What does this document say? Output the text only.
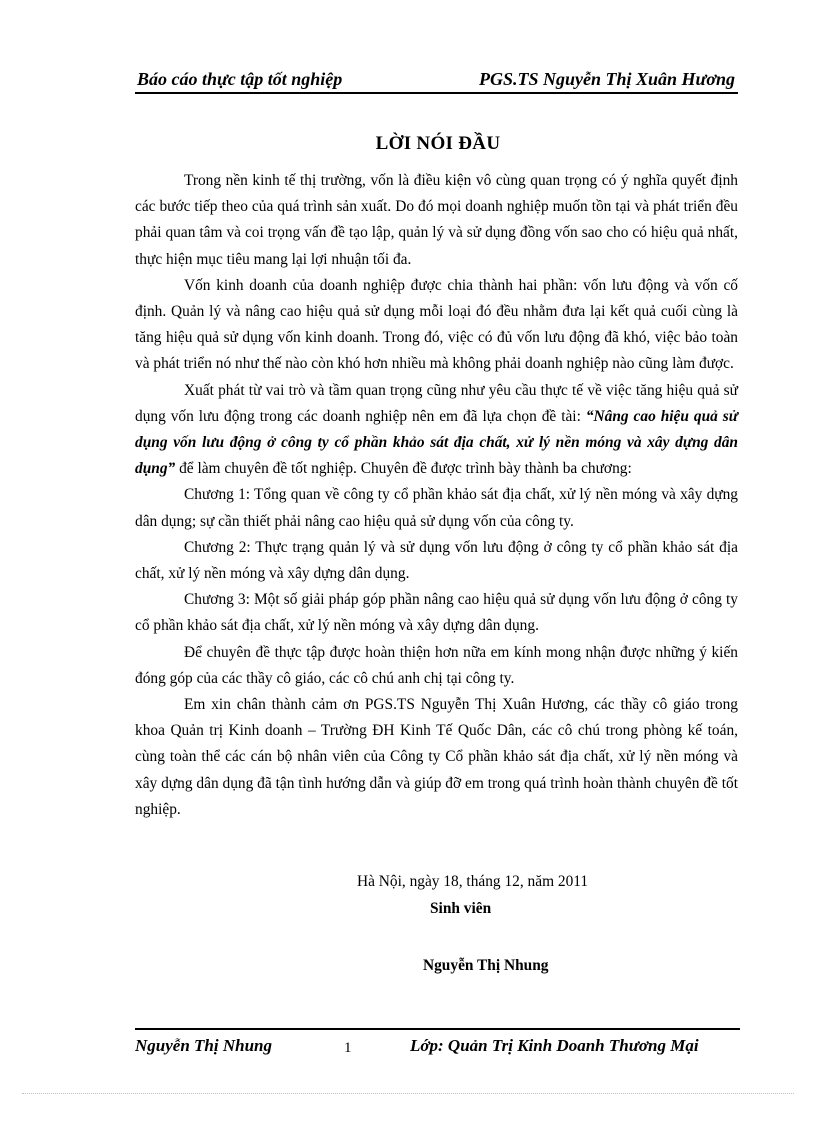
Báo cáo thực tập tốt nghiệp	PGS.TS Nguyễn Thị Xuân Hương
LỜI NÓI ĐẦU

Trong nền kinh tế thị trường, vốn là điều kiện vô cùng quan trọng có ý nghĩa quyết định các bước tiếp theo của quá trình sản xuất. Do đó mọi doanh nghiệp muốn tồn tại và phát triển đều phải quan tâm và coi trọng vấn đề tạo lập, quản lý và sử dụng đồng vốn sao cho có hiệu quả nhất, thực hiện mục tiêu mang lại lợi nhuận tối đa.

Vốn kinh doanh của doanh nghiệp được chia thành hai phần: vốn lưu động và vốn cố định. Quản lý và nâng cao hiệu quả sử dụng mỗi loại đó đều nhằm đưa lại kết quả cuối cùng là tăng hiệu quả sử dụng vốn kinh doanh. Trong đó, việc có đủ vốn lưu động đã khó, việc bảo toàn và phát triển nó như thế nào còn khó hơn nhiều mà không phải doanh nghiệp nào cũng làm được.

Xuất phát từ vai trò và tầm quan trọng cũng như yêu cầu thực tế về việc tăng hiệu quả sử dụng vốn lưu động trong các doanh nghiệp nên em đã lựa chọn đề tài: “Nâng cao hiệu quả sử dụng vốn lưu động ở công ty cổ phần khảo sát địa chất, xử lý nền móng và xây dựng dân dụng” để làm chuyên đề tốt nghiệp. Chuyên đề được trình bày thành ba chương:

Chương 1: Tổng quan về công ty cổ phần khảo sát địa chất, xử lý nền móng và xây dựng dân dụng; sự cần thiết phải nâng cao hiệu quả sử dụng vốn của công ty.

Chương 2: Thực trạng quản lý và sử dụng vốn lưu động ở công ty cổ phần khảo sát địa chất, xử lý nền móng và xây dựng dân dụng.

Chương 3: Một số giải pháp góp phần nâng cao hiệu quả sử dụng vốn lưu động ở công ty cổ phần khảo sát địa chất, xử lý nền móng và xây dựng dân dụng.

Để chuyên đề thực tập được hoàn thiện hơn nữa em kính mong nhận được những ý kiến đóng góp của các thầy cô giáo, các cô chú anh chị tại công ty.

Em xin chân thành cảm ơn PGS.TS Nguyễn Thị Xuân Hương, các thầy cô giáo trong khoa Quản trị Kinh doanh – Trường ĐH Kinh Tế Quốc Dân, các cô chú trong phòng kế toán, cùng toàn thể các cán bộ nhân viên của Công ty Cổ phần khảo sát địa chất, xử lý nền móng và xây dựng dân dụng đã tận tình hướng dẫn và giúp đỡ em trong quá trình hoàn thành chuyên đề tốt nghiệp.

Hà Nội, ngày 18, tháng 12, năm 2011
Sinh viên
Nguyễn Thị Nhung
Nguyễn Thị Nhung	1	Lớp: Quản Trị Kinh Doanh Thương Mại
